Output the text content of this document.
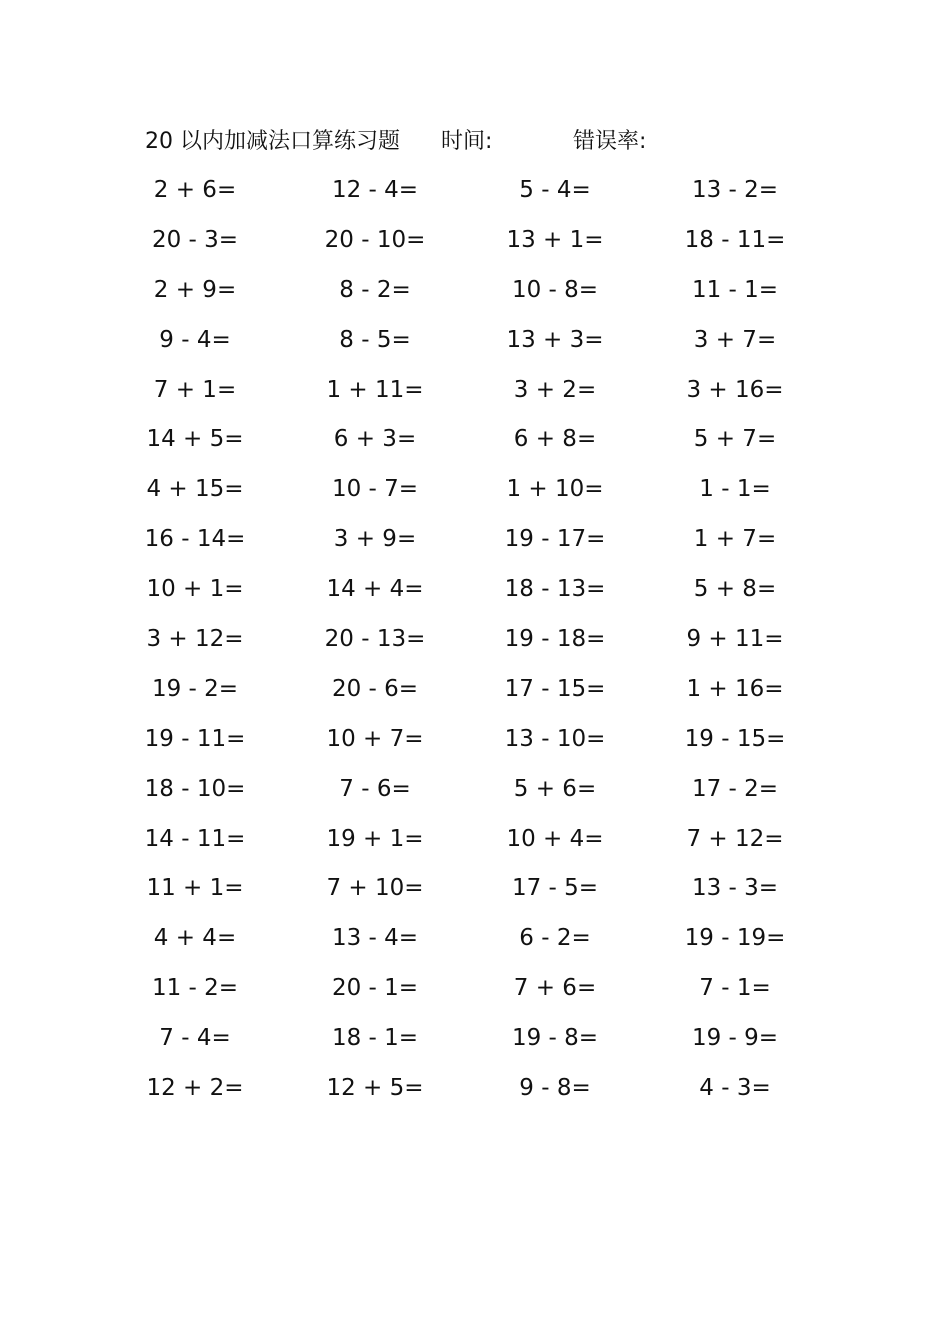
20 以内加减法口算练习题 时间:	错误率:
2 + 6=	12 - 4=	5 - 4=	13 - 2=
20 - 3=	20 - 10=	13 + 1=	18 - 11=
2 + 9=	8 - 2=	10 - 8=	11 - 1=
9 - 4=	8 - 5=	13 + 3=	3 + 7=
7 + 1=	1 + 11=	3 + 2=	3 + 16=
14 + 5=	6 + 3=	6 + 8=	5 + 7=
4 + 15=	10 - 7=	1 + 10=	1 - 1=
16 - 14=	3 + 9=	19 - 17=	1 + 7=
10 + 1=	14 + 4=	18 - 13=	5 + 8=
3 + 12=	20 - 13=	19 - 18=	9 + 11=
19 - 2=	20 - 6=	17 - 15=	1 + 16=
19 - 11=	10 + 7=	13 - 10=	19 - 15=
18 - 10=	7 - 6=	5 + 6=	17 - 2=
14 - 11=	19 + 1=	10 + 4=	7 + 12=
11 + 1=	7 + 10=	17 - 5=	13 - 3=
4 + 4=	13 - 4=	6 - 2=	19 - 19=
11 - 2=	20 - 1=	7 + 6=	7 - 1=
7 - 4=	18 - 1=	19 - 8=	19 - 9=
12 + 2=	12 + 5=	9 - 8=	4 - 3=
